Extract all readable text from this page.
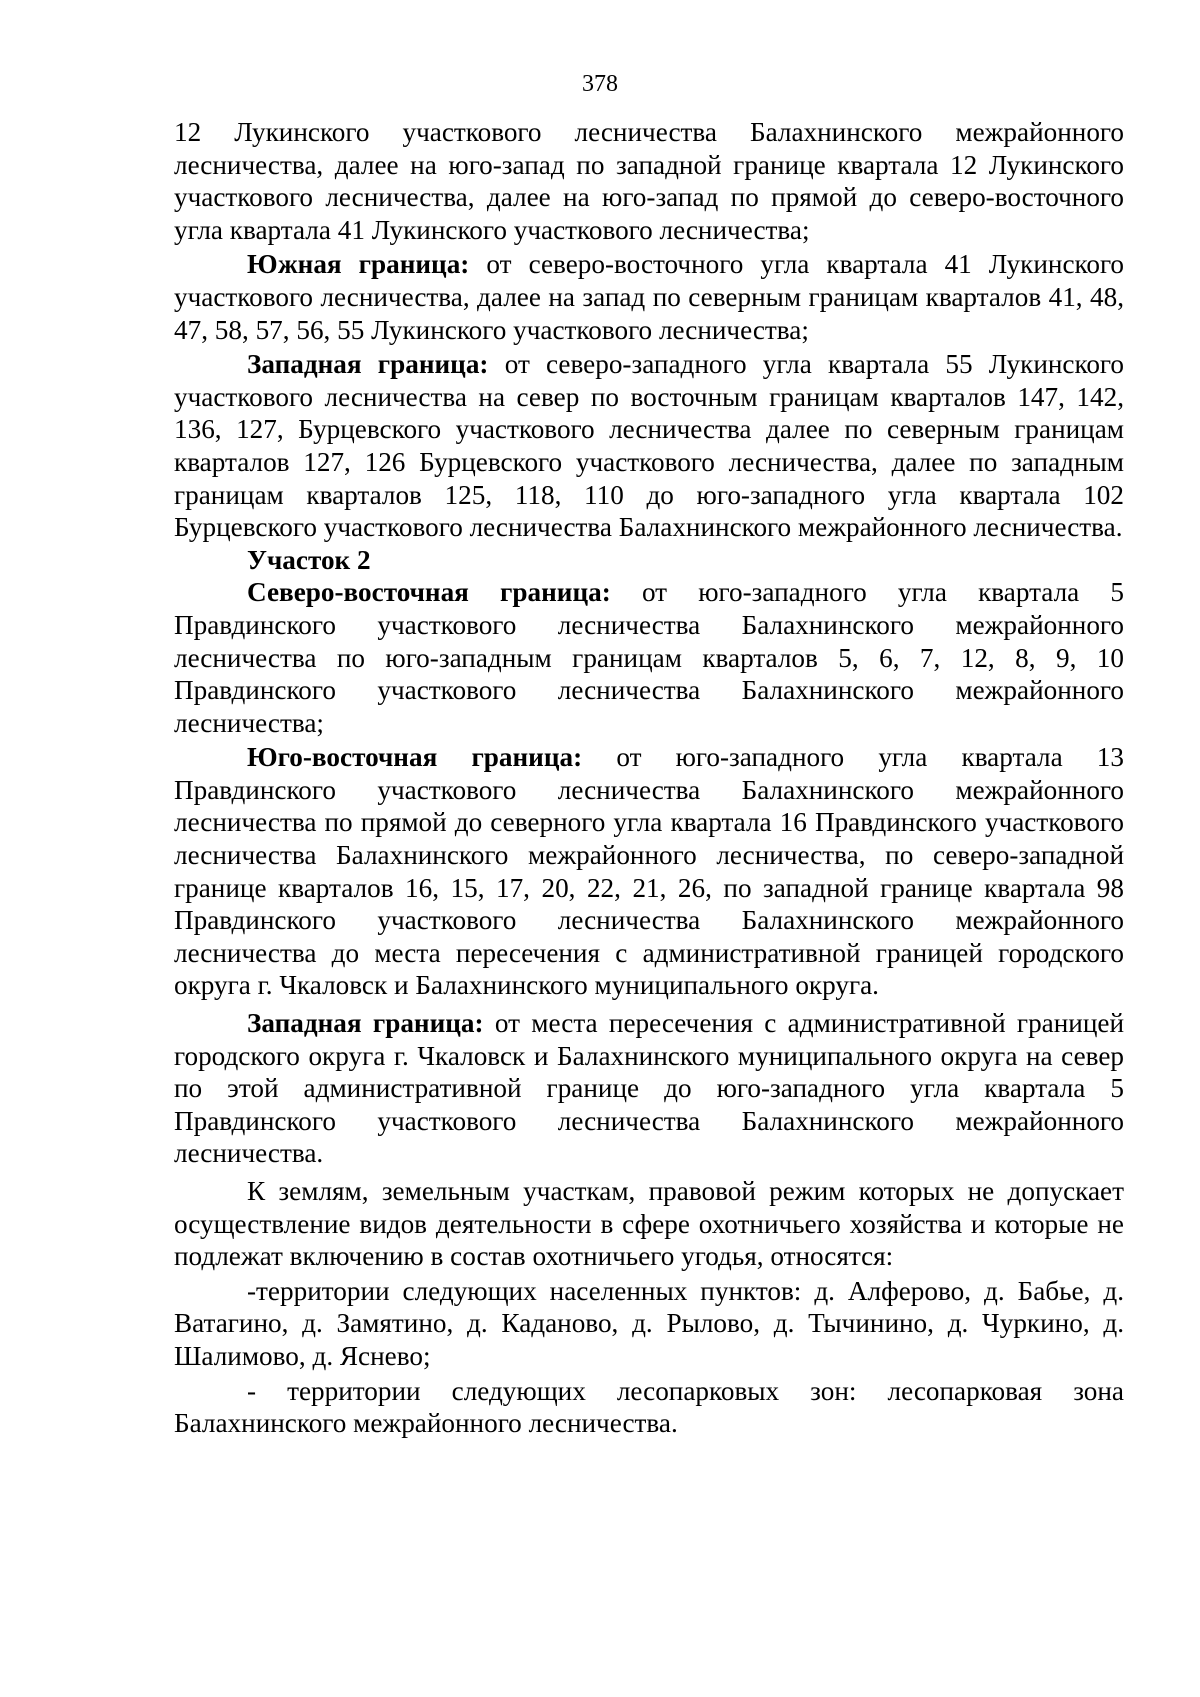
378

12 Лукинского участкового лесничества Балахнинского межрайонного лесничества, далее на юго-запад по западной границе квартала 12 Лукинского участкового лесничества, далее на юго-запад по прямой до северо-восточного угла квартала 41 Лукинского участкового лесничества;

Южная граница: от северо-восточного угла квартала 41 Лукинского участкового лесничества, далее на запад по северным границам кварталов 41, 48, 47, 58, 57, 56, 55 Лукинского участкового лесничества;

Западная граница: от северо-западного угла квартала 55 Лукинского участкового лесничества на север по восточным границам кварталов 147, 142, 136, 127, Бурцевского участкового лесничества далее по северным границам кварталов 127, 126 Бурцевского участкового лесничества, далее по западным границам кварталов 125, 118, 110 до юго-западного угла квартала 102 Бурцевского участкового лесничества Балахнинского межрайонного лесничества.

Участок 2

Северо-восточная граница: от юго-западного угла квартала 5 Правдинского участкового лесничества Балахнинского межрайонного лесничества по юго-западным границам кварталов 5, 6, 7, 12, 8, 9, 10 Правдинского участкового лесничества Балахнинского межрайонного лесничества;

Юго-восточная граница: от юго-западного угла квартала 13 Правдинского участкового лесничества Балахнинского межрайонного лесничества по прямой до северного угла квартала 16 Правдинского участкового лесничества Балахнинского межрайонного лесничества, по северо-западной границе кварталов 16, 15, 17, 20, 22, 21, 26, по западной границе квартала 98 Правдинского участкового лесничества Балахнинского межрайонного лесничества до места пересечения с административной границей городского округа г. Чкаловск и Балахнинского муниципального округа.

Западная граница: от места пересечения с административной границей городского округа г. Чкаловск и Балахнинского муниципального округа на север по этой административной границе до юго-западного угла квартала 5 Правдинского участкового лесничества Балахнинского межрайонного лесничества.

К землям, земельным участкам, правовой режим которых не допускает осуществление видов деятельности в сфере охотничьего хозяйства и которые не подлежат включению в состав охотничьего угодья, относятся:

-территории следующих населенных пунктов: д. Алферово, д. Бабье, д. Ватагино, д. Замятино, д. Каданово, д. Рылово, д. Тычинино, д. Чуркино, д. Шалимово, д. Яснево;

- территории следующих лесопарковых зон: лесопарковая зона Балахнинского межрайонного лесничества.
